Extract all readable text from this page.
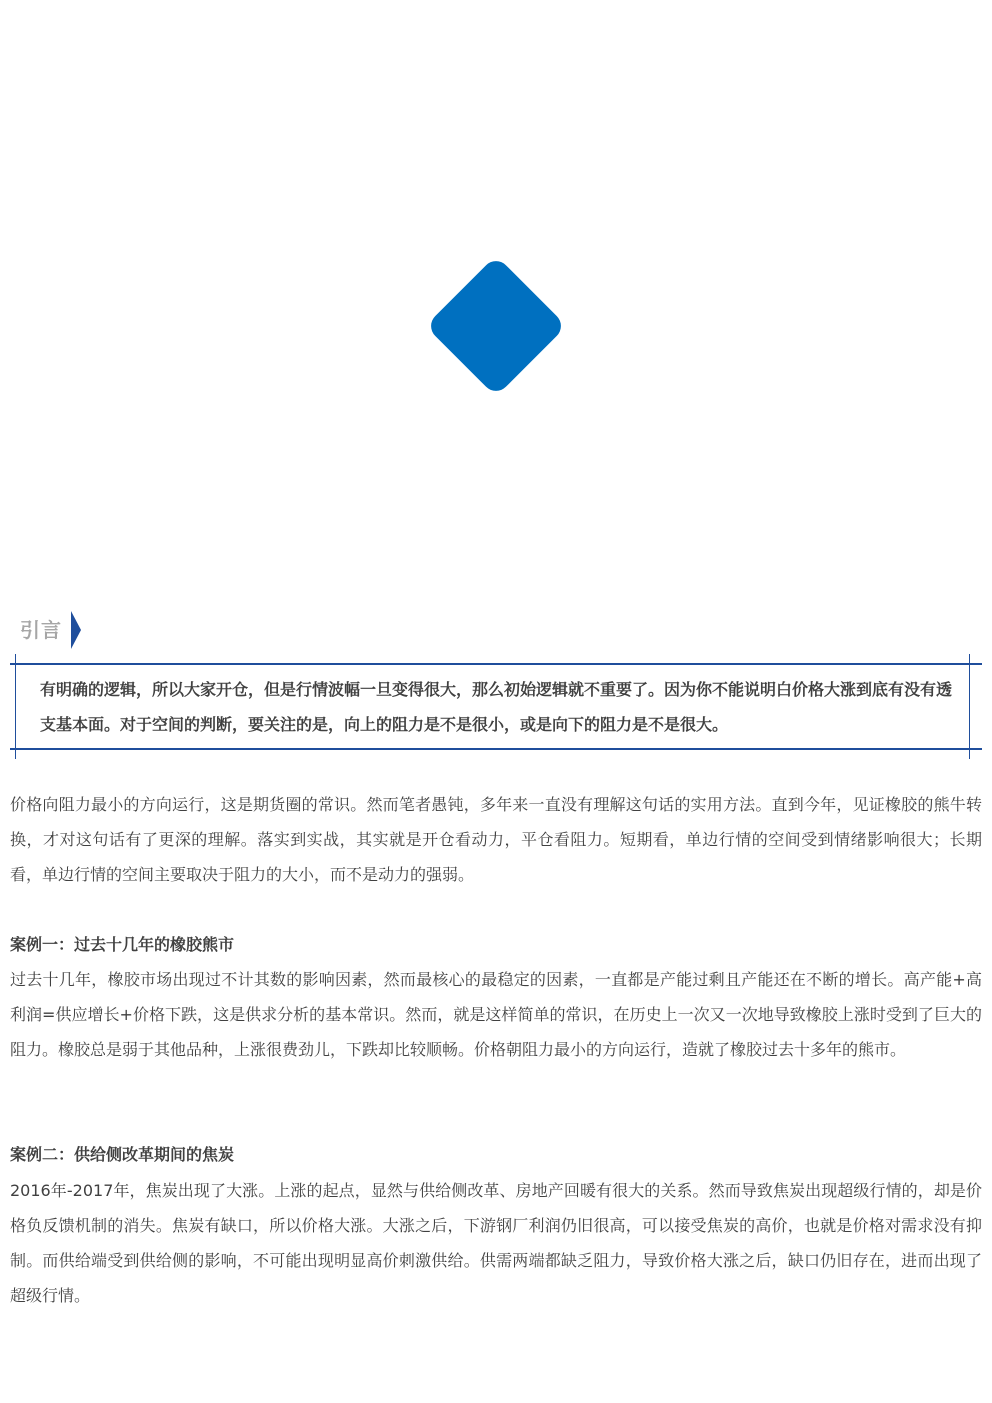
引言
有明确的逻辑，所以大家开仓，但是行情波幅一旦变得很大，那么初始逻辑就不重要了。因为你不能说明白价格大涨到底有没有透支基本面。对于空间的判断，要关注的是，向上的阻力是不是很小，或是向下的阻力是不是很大。
价格向阻力最小的方向运行，这是期货圈的常识。然而笔者愚钝，多年来一直没有理解这句话的实用方法。直到今年，见证橡胶的熊牛转换，才对这句话有了更深的理解。落实到实战，其实就是开仓看动力，平仓看阻力。短期看，单边行情的空间受到情绪影响很大；长期看，单边行情的空间主要取决于阻力的大小，而不是动力的强弱。
案例一：过去十几年的橡胶熊市
过去十几年，橡胶市场出现过不计其数的影响因素，然而最核心的最稳定的因素，一直都是产能过剩且产能还在不断的增长。高产能+高利润=供应增长+价格下跌，这是供求分析的基本常识。然而，就是这样简单的常识，在历史上一次又一次地导致橡胶上涨时受到了巨大的阻力。橡胶总是弱于其他品种，上涨很费劲儿，下跌却比较顺畅。价格朝阻力最小的方向运行，造就了橡胶过去十多年的熊市。
案例二：供给侧改革期间的焦炭
2016年-2017年，焦炭出现了大涨。上涨的起点，显然与供给侧改革、房地产回暖有很大的关系。然而导致焦炭出现超级行情的，却是价格负反馈机制的消失。焦炭有缺口，所以价格大涨。大涨之后，下游钢厂利润仍旧很高，可以接受焦炭的高价，也就是价格对需求没有抑制。而供给端受到供给侧的影响，不可能出现明显高价刺激供给。供需两端都缺乏阻力，导致价格大涨之后，缺口仍旧存在，进而出现了超级行情。
